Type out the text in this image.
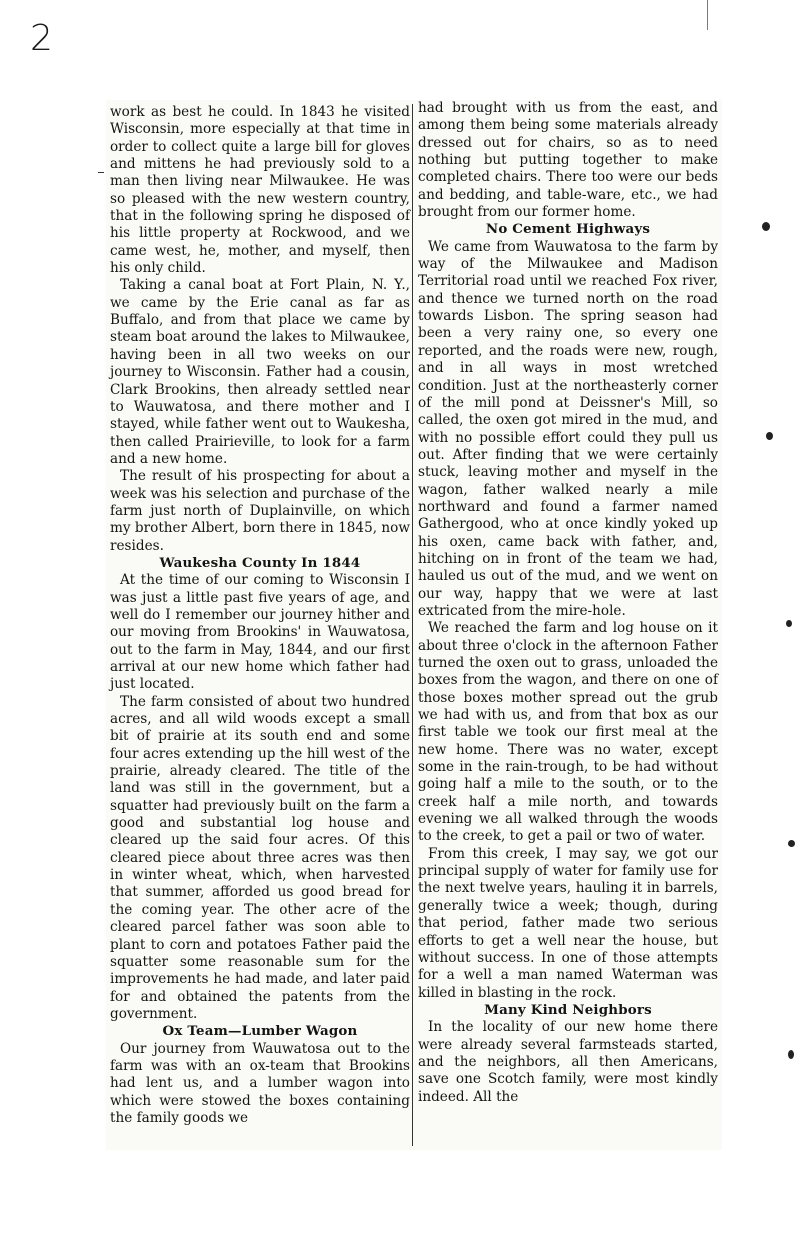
2

work as best he could. In 1843 he visited Wisconsin, more especially at that time in order to collect quite a large bill for gloves and mittens he had previously sold to a man then living near Milwaukee. He was so pleased with the new western country, that in the following spring he disposed of his little property at Rockwood, and we came west, he, mother, and myself, then his only child.

Taking a canal boat at Fort Plain, N. Y., we came by the Erie canal as far as Buffalo, and from that place we came by steam boat around the lakes to Milwaukee, having been in all two weeks on our journey to Wisconsin. Father had a cousin, Clark Brookins, then already settled near to Wauwatosa, and there mother and I stayed, while father went out to Waukesha, then called Prairieville, to look for a farm and a new home.

The result of his prospecting for about a week was his selection and purchase of the farm just north of Duplainville, on which my brother Albert, born there in 1845, now resides.

Waukesha County In 1844

At the time of our coming to Wisconsin I was just a little past five years of age, and well do I remember our journey hither and our moving from Brookins' in Wauwatosa, out to the farm in May, 1844, and our first arrival at our new home which father had just located.

The farm consisted of about two hundred acres, and all wild woods except a small bit of prairie at its south end and some four acres extending up the hill west of the prairie, already cleared. The title of the land was still in the government, but a squatter had previously built on the farm a good and substantial log house and cleared up the said four acres. Of this cleared piece about three acres was then in winter wheat, which, when harvested that summer, afforded us good bread for the coming year. The other acre of the cleared parcel father was soon able to plant to corn and potatoes Father paid the squatter some reasonable sum for the improvements he had made, and later paid for and obtained the patents from the government.

Ox Team—Lumber Wagon

Our journey from Wauwatosa out to the farm was with an ox-team that Brookins had lent us, and a lumber wagon into which were stowed the boxes containing the family goods we

had brought with us from the east, and among them being some materials already dressed out for chairs, so as to need nothing but putting together to make completed chairs. There too were our beds and bedding, and table-ware, etc., we had brought from our former home.

No Cement Highways

We came from Wauwatosa to the farm by way of the Milwaukee and Madison Territorial road until we reached Fox river, and thence we turned north on the road towards Lisbon. The spring season had been a very rainy one, so every one reported, and the roads were new, rough, and in all ways in most wretched condition. Just at the northeasterly corner of the mill pond at Deissner's Mill, so called, the oxen got mired in the mud, and with no possible effort could they pull us out. After finding that we were certainly stuck, leaving mother and myself in the wagon, father walked nearly a mile northward and found a farmer named Gathergood, who at once kindly yoked up his oxen, came back with father, and, hitching on in front of the team we had, hauled us out of the mud, and we went on our way, happy that we were at last extricated from the mire-hole.

We reached the farm and log house on it about three o'clock in the afternoon Father turned the oxen out to grass, unloaded the boxes from the wagon, and there on one of those boxes mother spread out the grub we had with us, and from that box as our first table we took our first meal at the new home. There was no water, except some in the rain-trough, to be had without going half a mile to the south, or to the creek half a mile north, and towards evening we all walked through the woods to the creek, to get a pail or two of water.

From this creek, I may say, we got our principal supply of water for family use for the next twelve years, hauling it in barrels, generally twice a week; though, during that period, father made two serious efforts to get a well near the house, but without success. In one of those attempts for a well a man named Waterman was killed in blasting in the rock.

Many Kind Neighbors

In the locality of our new home there were already several farmsteads started, and the neighbors, all then Americans, save one Scotch family, were most kindly indeed. All the
